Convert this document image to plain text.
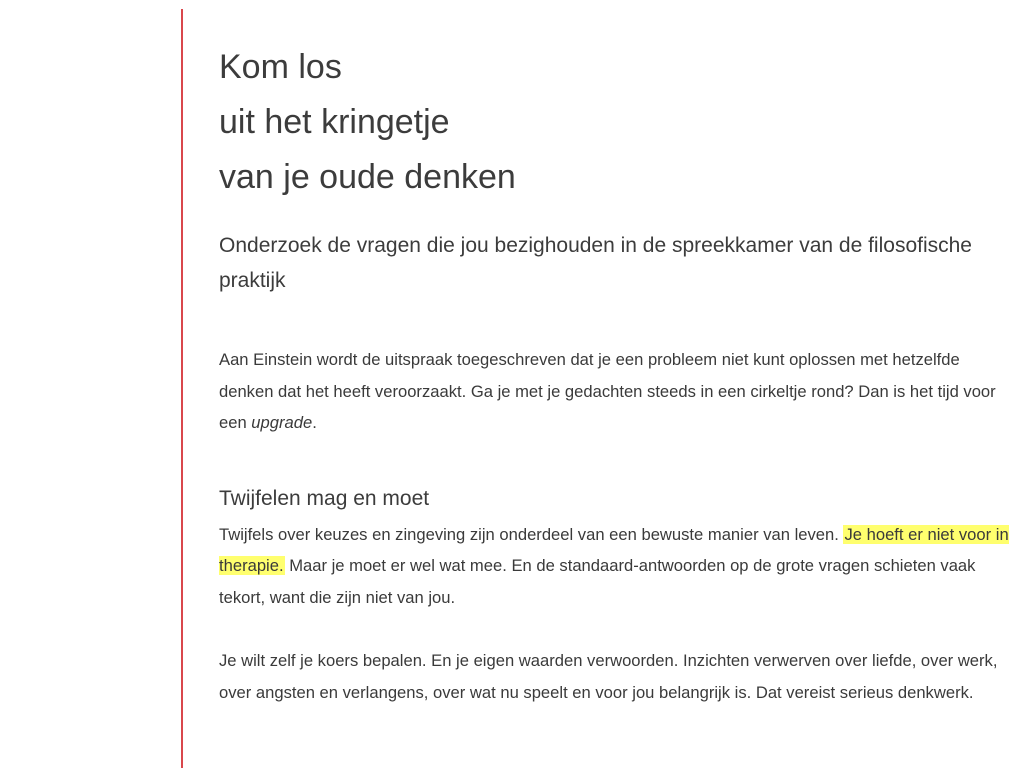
Kom los
uit het kringetje
van je oude denken
Onderzoek de vragen die jou bezighouden in de spreekkamer van de filosofische praktijk

Aan Einstein wordt de uitspraak toegeschreven dat je een probleem niet kunt oplossen met hetzelfde denken dat het heeft veroorzaakt. Ga je met je gedachten steeds in een cirkeltje rond? Dan is het tijd voor een upgrade.

Twijfelen mag en moet

Twijfels over keuzes en zingeving zijn onderdeel van een bewuste manier van leven. Je hoeft er niet voor in therapie. Maar je moet er wel wat mee. En de standaard-antwoorden op de grote vragen schieten vaak tekort, want die zijn niet van jou.

Je wilt zelf je koers bepalen. En je eigen waarden verwoorden. Inzichten verwerven over liefde, over werk, over angsten en verlangens, over wat nu speelt en voor jou belangrijk is. Dat vereist serieus denkwerk.
